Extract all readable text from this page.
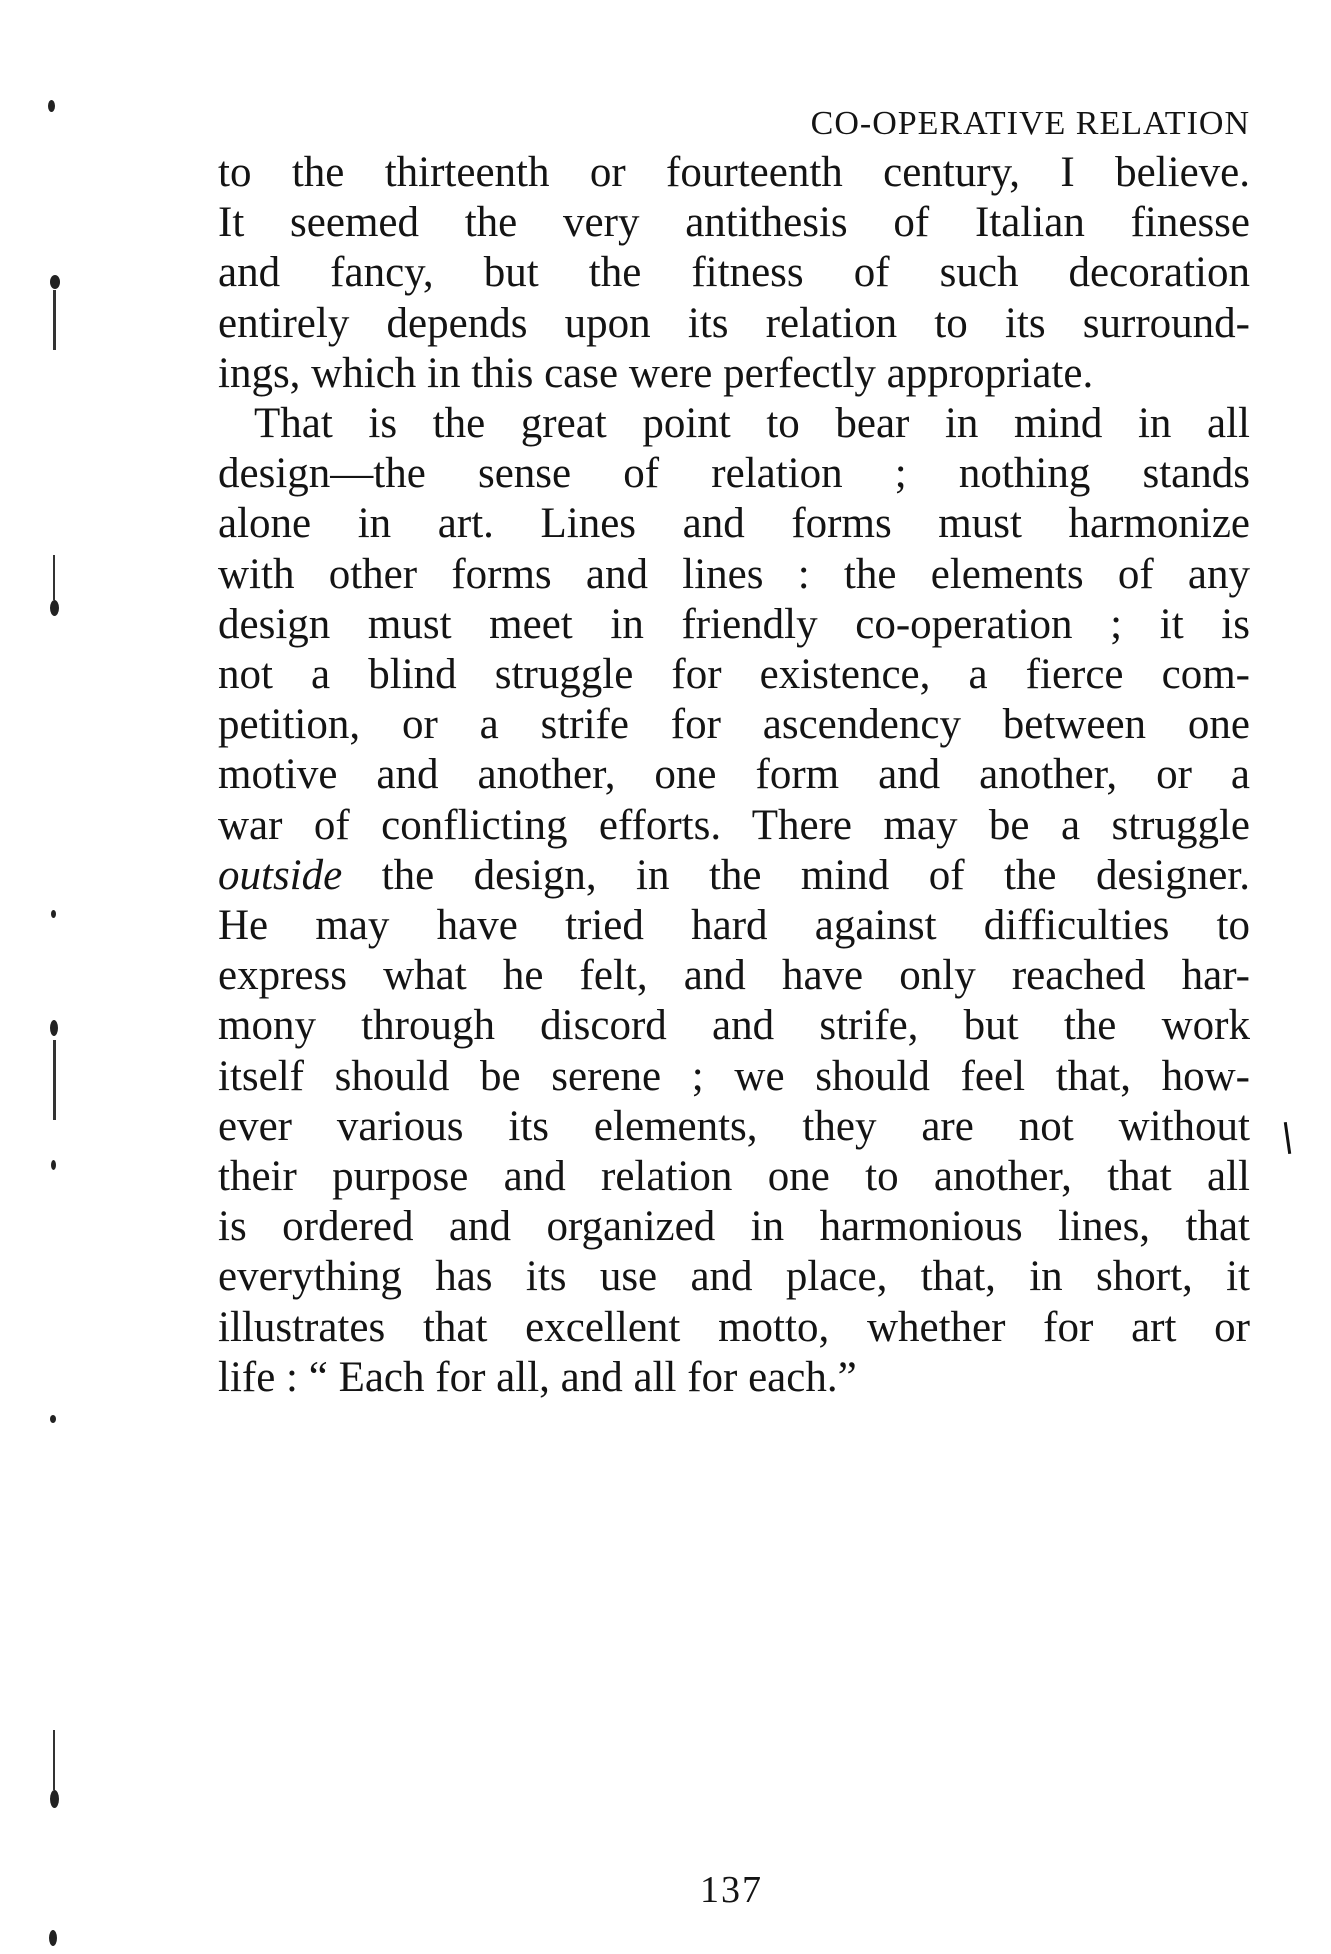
CO-OPERATIVE RELATION
to the thirteenth or fourteenth century, I believe.
It seemed the very antithesis of Italian finesse
and fancy, but the fitness of such decoration
entirely depends upon its relation to its surround-
ings, which in this case were perfectly appropriate.
That is the great point to bear in mind in all
design—the sense of relation ; nothing stands
alone in art. Lines and forms must harmonize
with other forms and lines : the elements of any
design must meet in friendly co-operation ; it is
not a blind struggle for existence, a fierce com-
petition, or a strife for ascendency between one
motive and another, one form and another, or a
war of conflicting efforts. There may be a struggle
outside the design, in the mind of the designer.
He may have tried hard against difficulties to
express what he felt, and have only reached har-
mony through discord and strife, but the work
itself should be serene ; we should feel that, how-
ever various its elements, they are not without
their purpose and relation one to another, that all
is ordered and organized in harmonious lines, that
everything has its use and place, that, in short, it
illustrates that excellent motto, whether for art or
life : “ Each for all, and all for each.”
137
